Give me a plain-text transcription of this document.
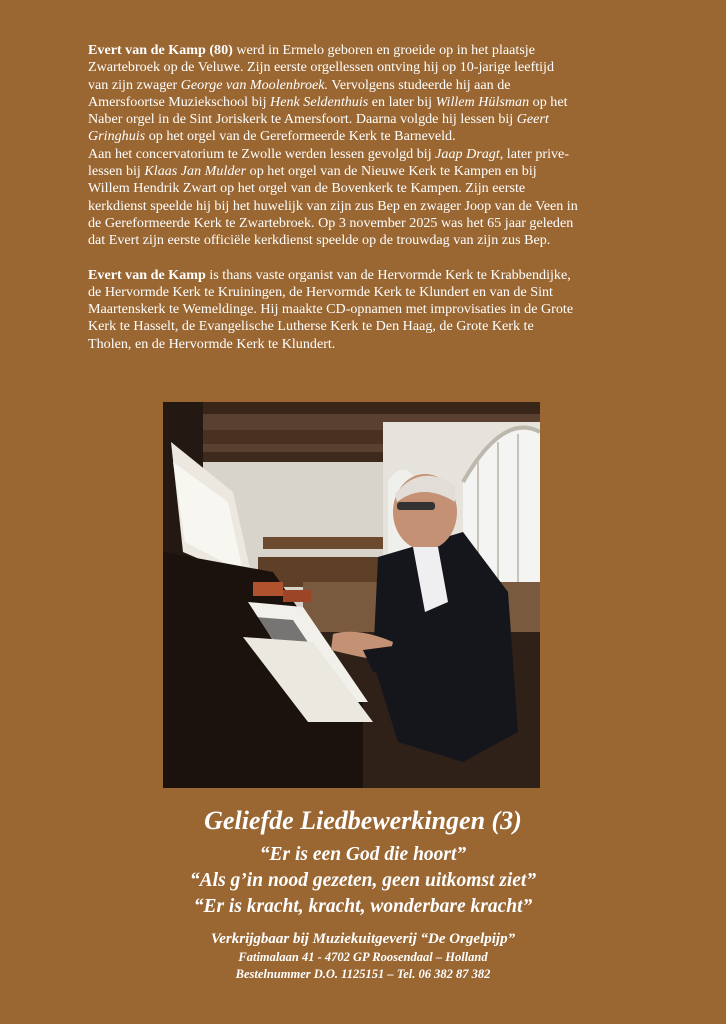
Evert van de Kamp (80) werd in Ermelo geboren en groeide op in het plaatsje
Zwartebroek op de Veluwe. Zijn eerste orgellessen ontving hij op 10-jarige leeftijd
van zijn zwager George van Moolenbroek. Vervolgens studeerde hij aan de
Amersfoortse Muziekschool bij Henk Seldenthuis en later bij Willem Hülsman op het
Naber orgel in de Sint Joriskerk te Amersfoort. Daarna volgde hij lessen bij Geert
Gringhuis op het orgel van de Gereformeerde Kerk te Barneveld.
Aan het concervatorium te Zwolle werden lessen gevolgd bij Jaap Dragt, later prive-
lessen bij Klaas Jan Mulder op het orgel van de Nieuwe Kerk te Kampen en bij
Willem Hendrik Zwart op het orgel van de Bovenkerk te Kampen. Zijn eerste
kerkdienst speelde hij bij het huwelijk van zijn zus Bep en zwager Joop van de Veen in
de Gereformeerde Kerk te Zwartebroek. Op 3 november 2025 was het 65 jaar geleden
dat Evert zijn eerste officiële kerkdienst speelde op de trouwdag van zijn zus Bep.

Evert van de Kamp is thans vaste organist van de Hervormde Kerk te Krabbendijke,
de Hervormde Kerk te Kruiningen, de Hervormde Kerk te Klundert en van de Sint
Maartenskerk te Wemeldinge. Hij maakte CD-opnamen met improvisaties in de Grote
Kerk te Hasselt, de Evangelische Lutherse Kerk te Den Haag, de Grote Kerk te
Tholen, en de Hervormde Kerk te Klundert.

Geliefde Liedbewerkingen (3)
“Er is een God die hoort”
“Als g’in nood gezeten, geen uitkomst ziet”
“Er is kracht, kracht, wonderbare kracht”
Verkrijgbaar bij Muziekuitgeverij “De Orgelpijp”
Fatimalaan 41 - 4702 GP Roosendaal – Holland
Bestelnummer D.O. 1125151 – Tel. 06 382 87 382
